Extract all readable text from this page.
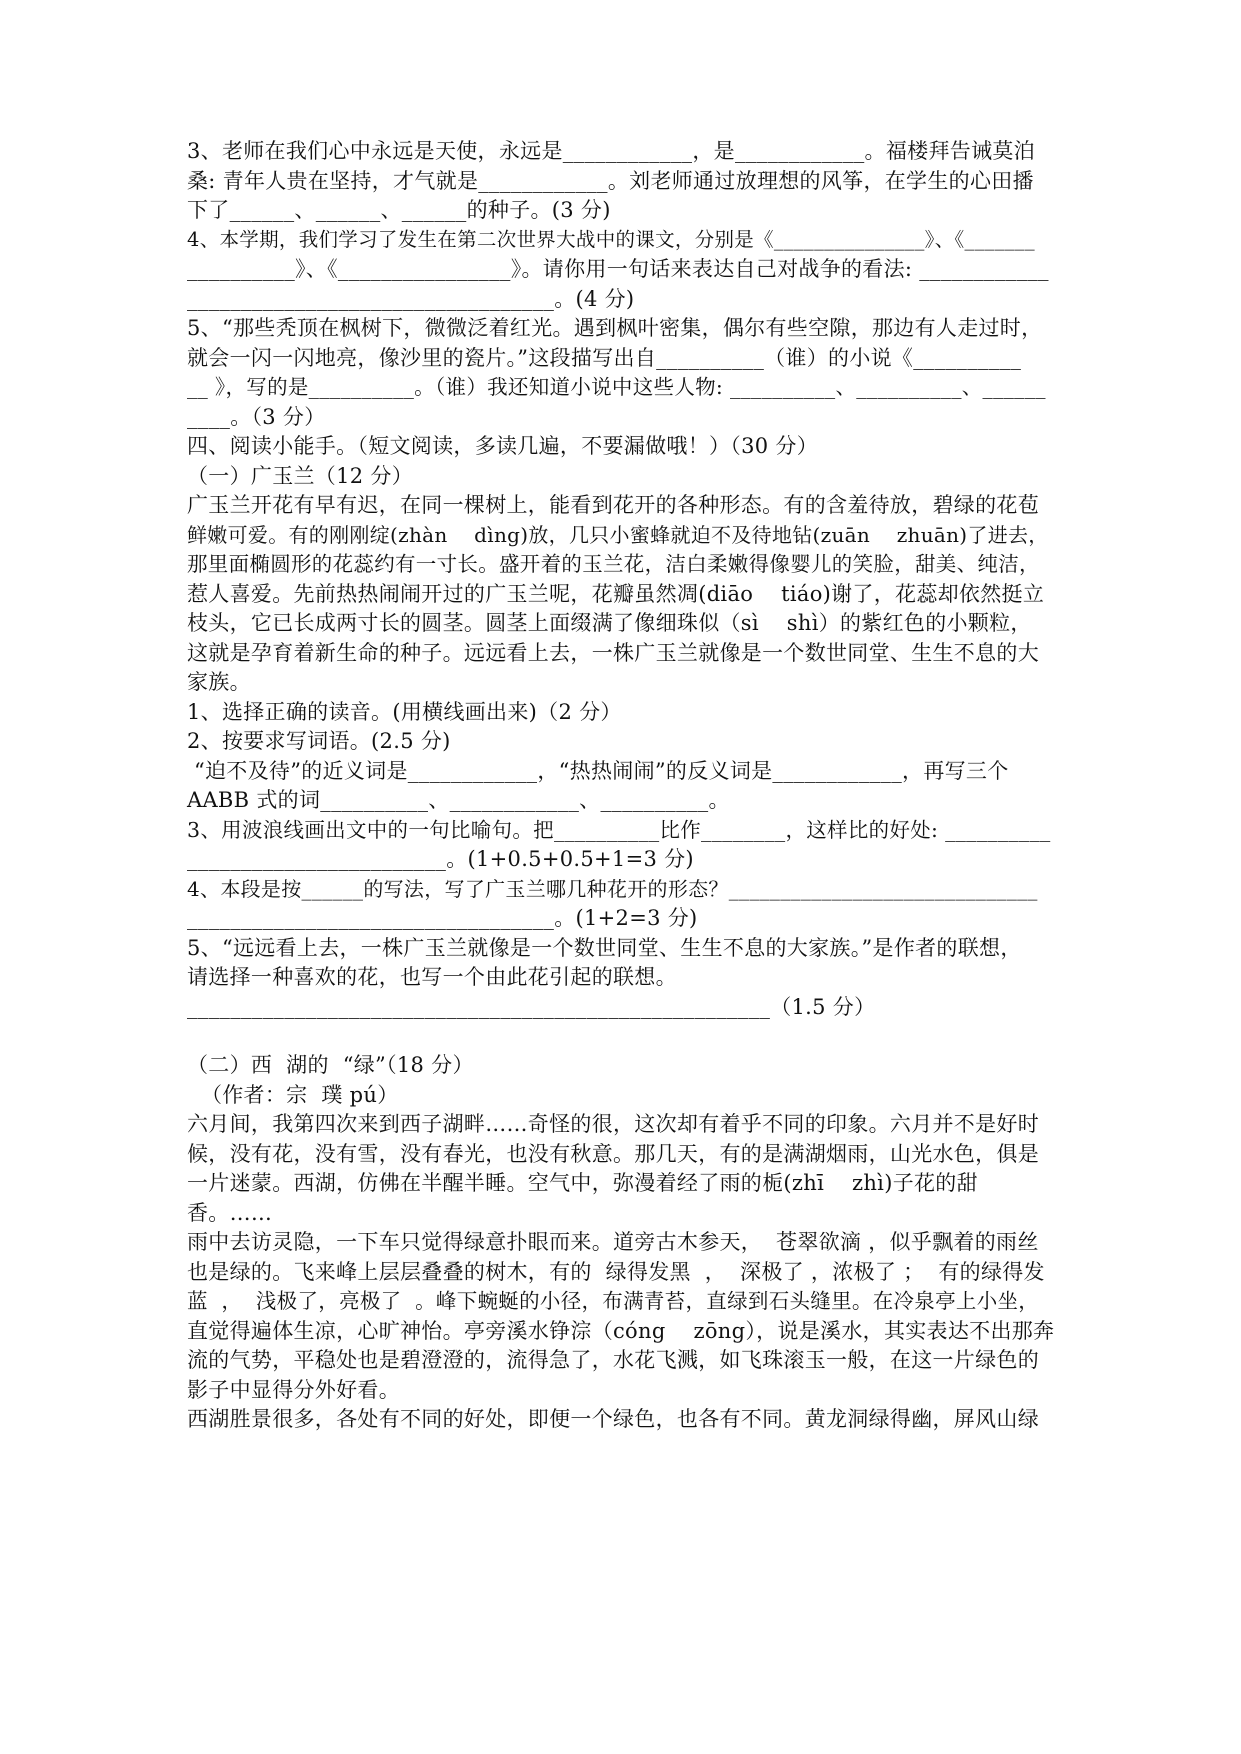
3、老师在我们心中永远是天使，永远是____________，是____________。福楼拜告诫莫泊
桑: 青年人贵在坚持，才气就是____________。刘老师通过放理想的风筝，在学生的心田播
下了______、______、______的种子。(3 分)
4、本学期，我们学习了发生在第二次世界大战中的课文，分别是《_______________》、《_______
__________》、《________________》。请你用一句话来表达自己对战争的看法: ____________
__________________________________。(4 分)
5、“那些秃顶在枫树下，微微泛着红光。遇到枫叶密集，偶尔有些空隙，那边有人走过时，
就会一闪一闪地亮，像沙里的瓷片。”这段描写出自__________（谁）的小说《__________
__ 》，写的是__________。（谁）我还知道小说中这些人物: __________、__________、______
____。（3 分）
四、阅读小能手。（短文阅读，多读几遍，不要漏做哦！）（30 分）
（一）广玉兰（12 分）
广玉兰开花有早有迟，在同一棵树上，能看到花开的各种形态。有的含羞待放，碧绿的花苞
鲜嫩可爱。有的刚刚绽(zhàn    dìng)放，几只小蜜蜂就迫不及待地钻(zuān    zhuān)了进去，
那里面椭圆形的花蕊约有一寸长。盛开着的玉兰花，洁白柔嫩得像婴儿的笑脸，甜美、纯洁，
惹人喜爱。先前热热闹闹开过的广玉兰呢，花瓣虽然凋(diāo    tiáo)谢了，花蕊却依然挺立
枝头，它已长成两寸长的圆茎。圆茎上面缀满了像细珠似（sì    shì）的紫红色的小颗粒，
这就是孕育着新生命的种子。远远看上去，一株广玉兰就像是一个数世同堂、生生不息的大
家族。
1、选择正确的读音。(用横线画出来)（2 分）
2、按要求写词语。(2.5 分)
“迫不及待”的近义词是____________，“热热闹闹”的反义词是____________，再写三个
AABB 式的词__________、____________、__________。
3、用波浪线画出文中的一句比喻句。把__________比作________，这样比的好处: __________
________________________。(1+0.5+0.5+1=3 分)
4、本段是按______的写法，写了广玉兰哪几种花开的形态？______________________________
__________________________________。(1+2=3 分)
5、“远远看上去，一株广玉兰就像是一个数世同堂、生生不息的大家族。”是作者的联想，
请选择一种喜欢的花，也写一个由此花引起的联想。
______________________________________________________（1.5 分）
（二）西  湖的  “绿”（18 分）
（作者：宗  璞 pú）
六月间，我第四次来到西子湖畔……奇怪的很，这次却有着乎不同的印象。六月并不是好时
候，没有花，没有雪，没有春光，也没有秋意。那几天，有的是满湖烟雨，山光水色，俱是
一片迷蒙。西湖，仿佛在半醒半睡。空气中，弥漫着经了雨的栀(zhī    zhì)子花的甜
香。……
雨中去访灵隐，一下车只觉得绿意扑眼而来。道旁古木参天，  苍翠欲滴 ，似乎飘着的雨丝
也是绿的。飞来峰上层层叠叠的树木，有的  绿得发黑  ，  深极了 ，浓极了 ；  有的绿得发
蓝  ，  浅极了，亮极了  。峰下蜿蜒的小径，布满青苔，直绿到石头缝里。在冷泉亭上小坐，
直觉得遍体生凉，心旷神怡。亭旁溪水铮淙（cóng    zōng），说是溪水，其实表达不出那奔
流的气势，平稳处也是碧澄澄的，流得急了，水花飞溅，如飞珠滚玉一般，在这一片绿色的
影子中显得分外好看。
西湖胜景很多，各处有不同的好处，即便一个绿色，也各有不同。黄龙洞绿得幽，屏风山绿
